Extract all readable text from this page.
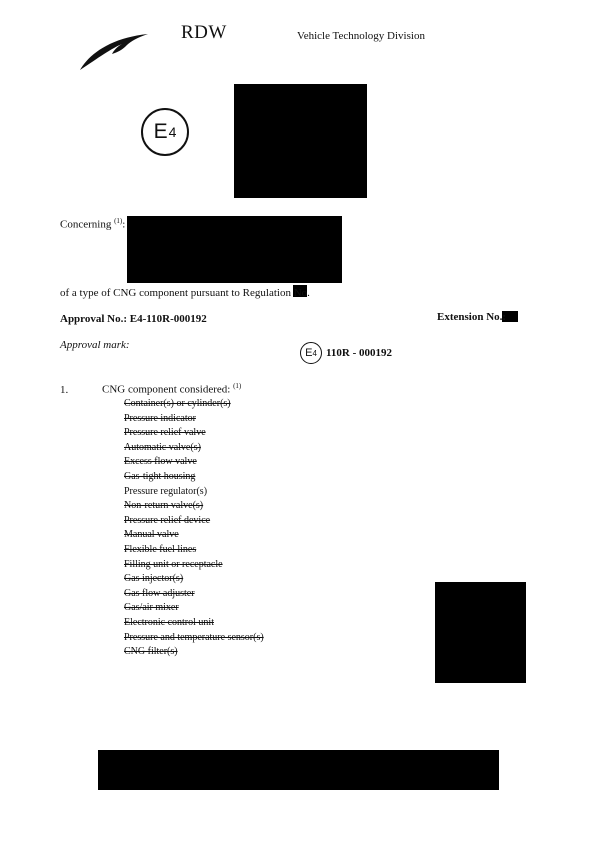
RDW	Vehicle Technology Division
E 4
Concerning $^{(1)}$:
of a type of CNG component pursuant to Regulation No.
Approval No.: E4-110R-000192	Extension No.:
Approval mark:
E 4 110R - 000192
1.	CNG component considered: $^{(1)}$
Container(s) or cylinder(s)
Pressure indicator
Pressure relief valve
Automatic valve(s)
Excess flow valve
Gas-tight housing
Pressure regulator(s)
Non-return valve(s)
Pressure relief device
Manual valve
Flexible fuel lines
Filling unit or receptacle
Gas injector(s)
Gas flow adjuster
Gas/air mixer
Electronic control unit
Pressure and temperature sensor(s)
CNG filter(s)
